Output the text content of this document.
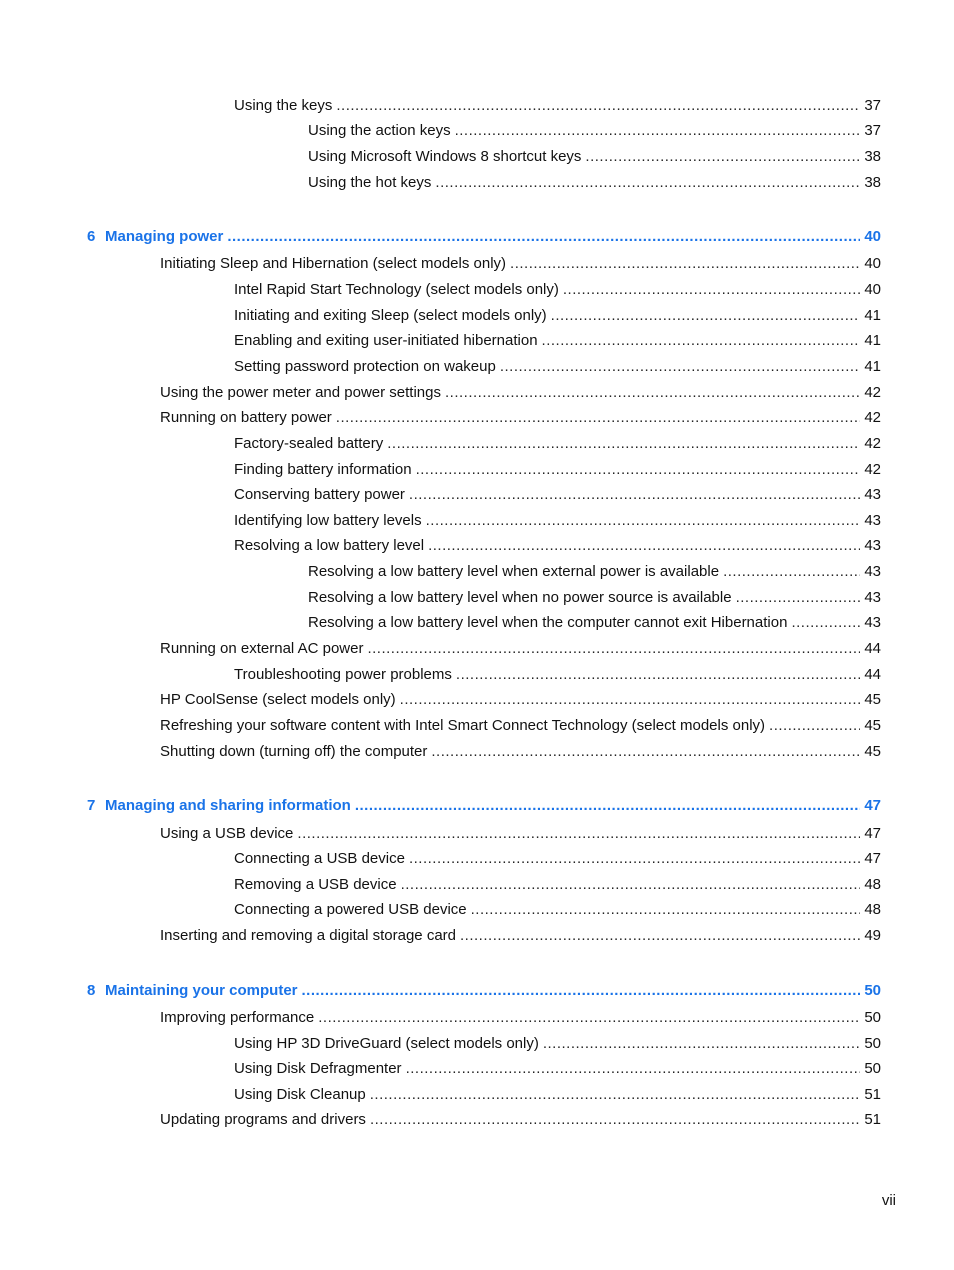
Using the keys .....	37
Using the action keys .....	37
Using Microsoft Windows 8 shortcut keys .....	38
Using the hot keys .....	38
6 Managing power .....	40
Initiating Sleep and Hibernation (select models only) .....	40
Intel Rapid Start Technology (select models only) .....	40
Initiating and exiting Sleep (select models only) .....	41
Enabling and exiting user-initiated hibernation .....	41
Setting password protection on wakeup .....	41
Using the power meter and power settings .....	42
Running on battery power .....	42
Factory-sealed battery .....	42
Finding battery information .....	42
Conserving battery power .....	43
Identifying low battery levels .....	43
Resolving a low battery level .....	43
Resolving a low battery level when external power is available .....	43
Resolving a low battery level when no power source is available .....	43
Resolving a low battery level when the computer cannot exit Hibernation .....	43
Running on external AC power .....	44
Troubleshooting power problems .....	44
HP CoolSense (select models only) .....	45
Refreshing your software content with Intel Smart Connect Technology (select models only) .....	45
Shutting down (turning off) the computer .....	45
7 Managing and sharing information .....	47
Using a USB device .....	47
Connecting a USB device .....	47
Removing a USB device .....	48
Connecting a powered USB device .....	48
Inserting and removing a digital storage card .....	49
8 Maintaining your computer .....	50
Improving performance .....	50
Using HP 3D DriveGuard (select models only) .....	50
Using Disk Defragmenter .....	50
Using Disk Cleanup .....	51
Updating programs and drivers .....	51
vii
